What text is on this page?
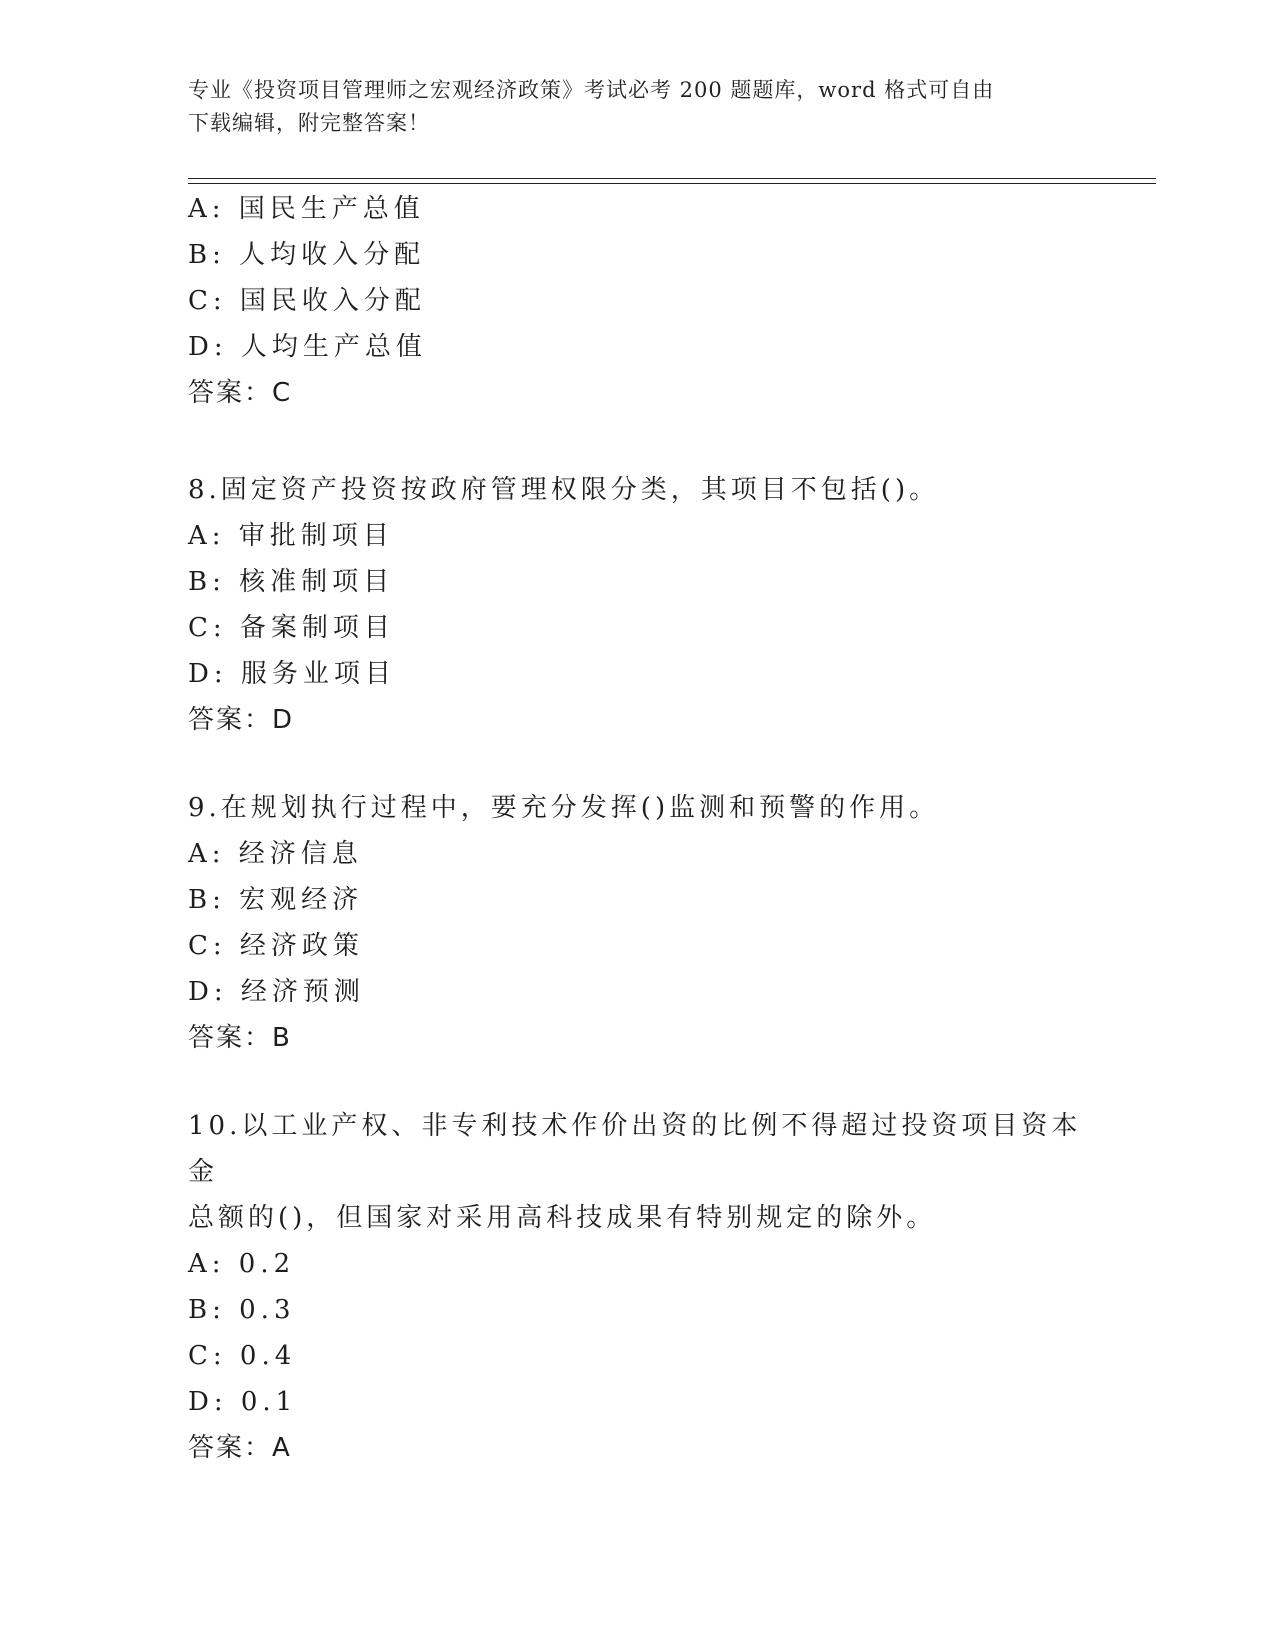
专业《投资项目管理师之宏观经济政策》考试必考 200 题题库，word 格式可自由
下载编辑，附完整答案！
A: 国民生产总值
B: 人均收入分配
C: 国民收入分配
D: 人均生产总值
答案：C
8.固定资产投资按政府管理权限分类，其项目不包括()。
A: 审批制项目
B: 核准制项目
C: 备案制项目
D: 服务业项目
答案：D
9.在规划执行过程中，要充分发挥()监测和预警的作用。
A: 经济信息
B: 宏观经济
C: 经济政策
D: 经济预测
答案：B
10.以工业产权、非专利技术作价出资的比例不得超过投资项目资本金
总额的()，但国家对采用高科技成果有特别规定的除外。
A: 0.2
B: 0.3
C: 0.4
D: 0.1
答案：A
